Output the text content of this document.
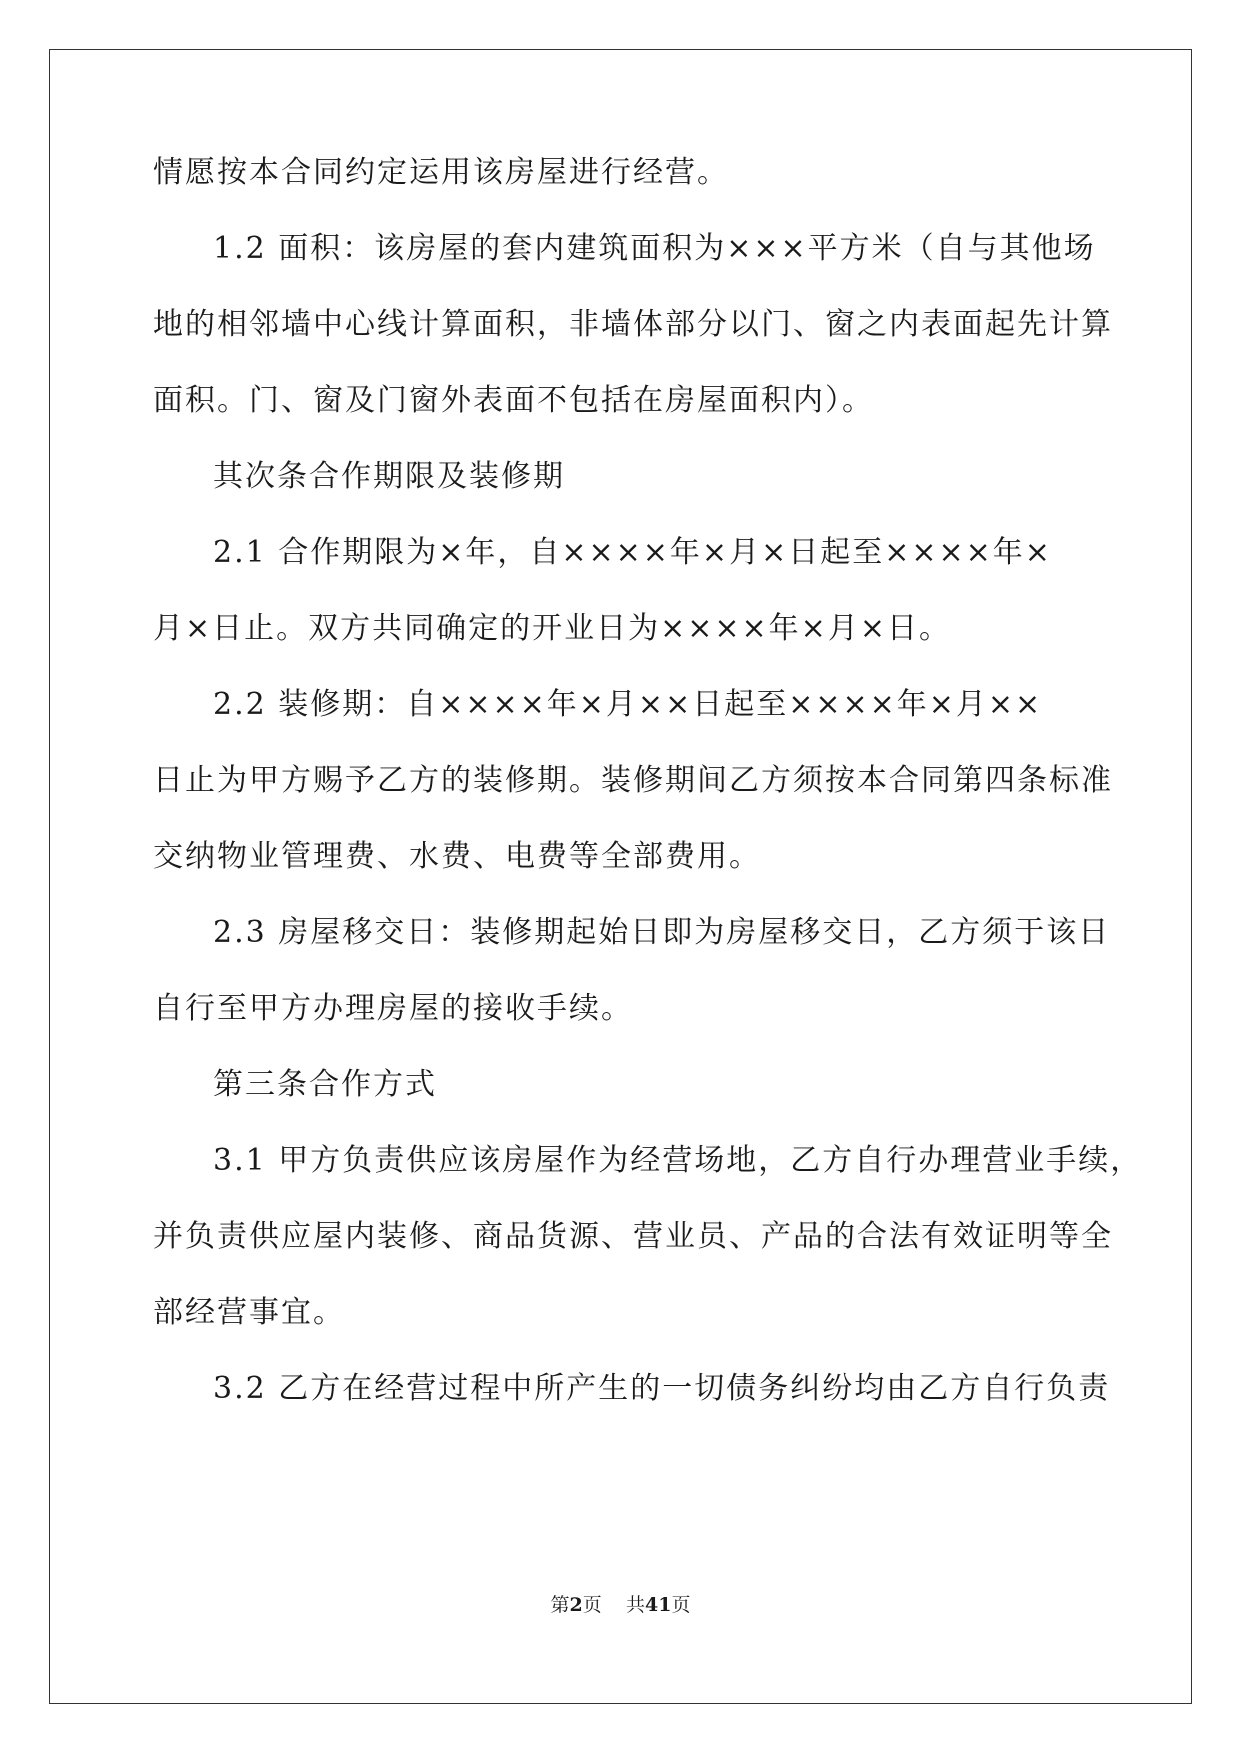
情愿按本合同约定运用该房屋进行经营。
1.2 面积：该房屋的套内建筑面积为×××平方米（自与其他场
地的相邻墙中心线计算面积，非墙体部分以门、窗之内表面起先计算
面积。门、窗及门窗外表面不包括在房屋面积内）。
其次条合作期限及装修期
2.1 合作期限为×年，自××××年×月×日起至××××年×
月×日止。双方共同确定的开业日为××××年×月×日。
2.2 装修期：自××××年×月××日起至××××年×月××
日止为甲方赐予乙方的装修期。装修期间乙方须按本合同第四条标准
交纳物业管理费、水费、电费等全部费用。
2.3 房屋移交日：装修期起始日即为房屋移交日，乙方须于该日
自行至甲方办理房屋的接收手续。
第三条合作方式
3.1 甲方负责供应该房屋作为经营场地，乙方自行办理营业手续，
并负责供应屋内装修、商品货源、营业员、产品的合法有效证明等全
部经营事宜。
3.2 乙方在经营过程中所产生的一切债务纠纷均由乙方自行负责
第2页 共41页
